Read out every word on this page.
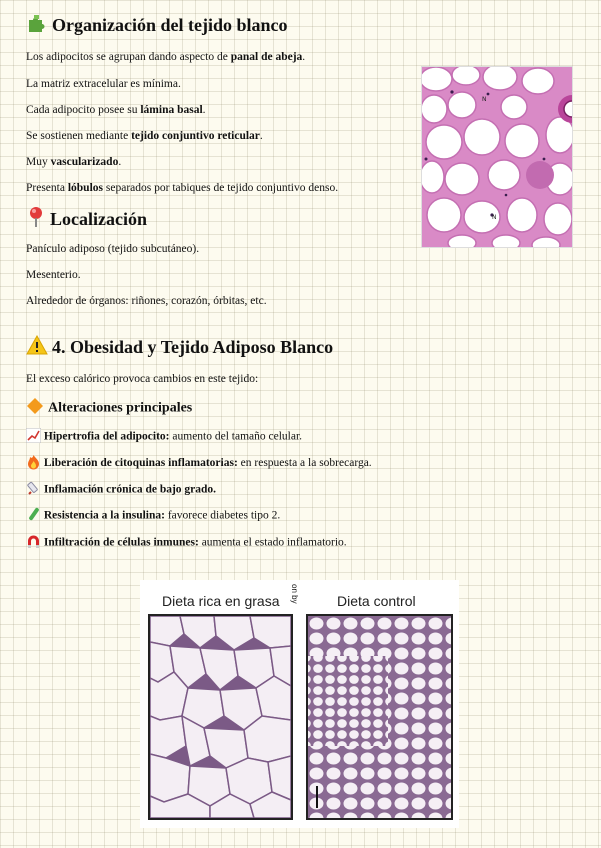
Organización del tejido blanco
Los adipocitos se agrupan dando aspecto de panal de abeja.
La matriz extracelular es mínima.
Cada adipocito posee su lámina basal.
Se sostienen mediante tejido conjuntivo reticular.
Muy vascularizado.
Presenta lóbulos separados por tabiques de tejido conjuntivo denso.
N
N
Localización
Panículo adiposo (tejido subcutáneo).
Mesenterio.
Alrededor de órganos: riñones, corazón, órbitas, etc.
4. Obesidad y Tejido Adiposo Blanco
El exceso calórico provoca cambios en este tejido:
Alteraciones principales
Hipertrofia del adipocito: aumento del tamaño celular.
Liberación de citoquinas inflamatorias: en respuesta a la sobrecarga.
Inflamación crónica de bajo grado.
Resistencia a la insulina: favorece diabetes tipo 2.
Infiltración de células inmunes: aumenta el estado inflamatorio.
Dieta rica en grasa	Dieta control
on by
